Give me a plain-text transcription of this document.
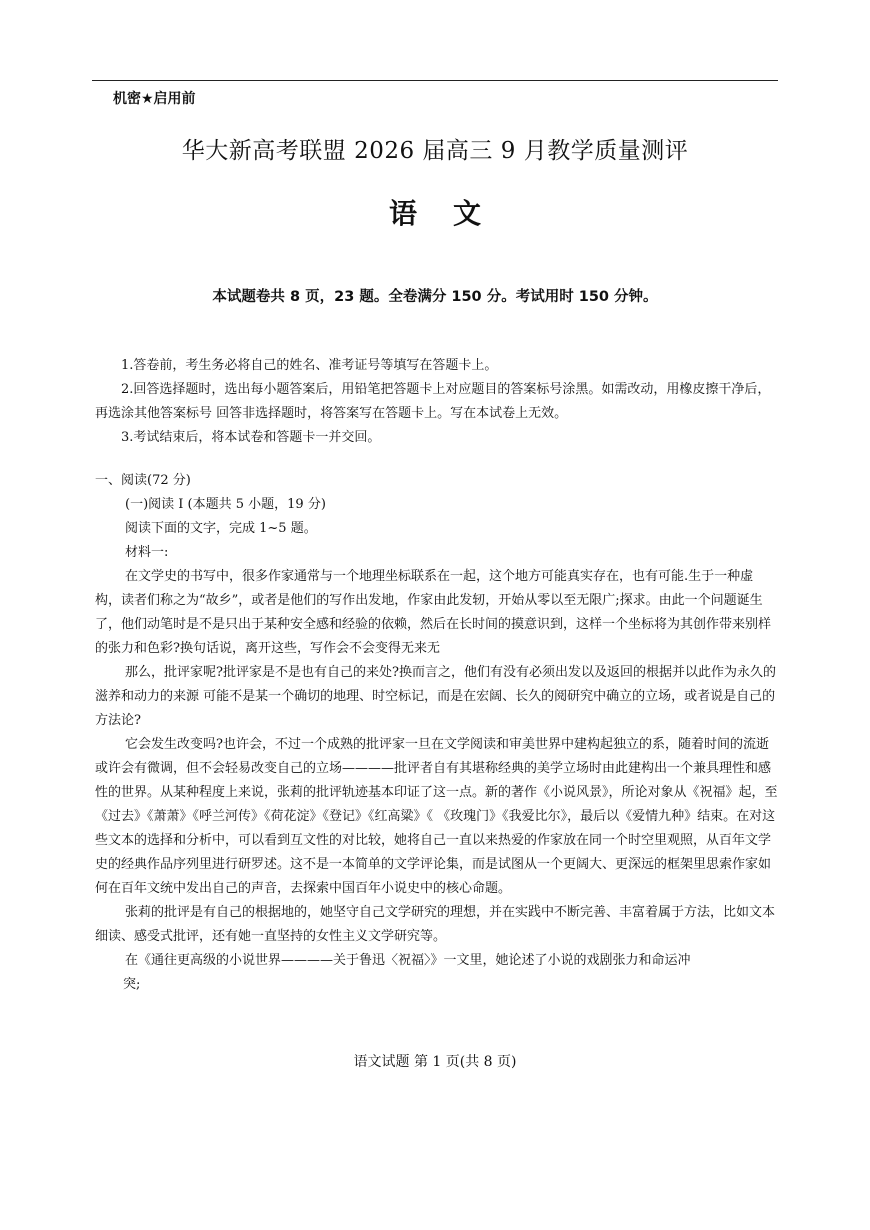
机密★启用前
华大新高考联盟 2026 届高三 9 月教学质量测评
语文
本试题卷共 8 页，23 题。全卷满分 150 分。考试用时 150 分钟。

1.答卷前，考生务必将自己的姓名、准考证号等填写在答题卡上。

2.回答选择题时，选出每小题答案后，用铅笔把答题卡上对应题目的答案标号涂黑。如需改动，用橡皮擦干净后，再选涂其他答案标号 回答非选择题时，将答案写在答题卡上。写在本试卷上无效。

3.考试结束后，将本试卷和答题卡一并交回。

一、阅读(72 分)

(一)阅读 I (本题共 5 小题，19 分)

阅读下面的文字，完成 1~5 题。

材料一:

在文学史的书写中，很多作家通常与一个地理坐标联系在一起，这个地方可能真实存在，也有可能.生于一种虚构，读者们称之为“故乡”，或者是他们的写作出发地，作家由此发轫，开始从零以至无限广;探求。由此一个问题诞生了，他们动笔时是不是只出于某种安全感和经验的依赖，然后在长时间的摸意识到，这样一个坐标将为其创作带来别样的张力和色彩?换句话说，离开这些，写作会不会变得无来无

那么，批评家呢?批评家是不是也有自己的来处?换而言之，他们有没有必须出发以及返回的根据并以此作为永久的滋养和动力的来源 可能不是某一个确切的地理、时空标记，而是在宏阔、长久的阅研究中确立的立场，或者说是自己的方法论?

它会发生改变吗?也许会，不过一个成熟的批评家一旦在文学阅读和审美世界中建构起独立的系，随着时间的流逝或许会有微调，但不会轻易改变自己的立场————批评者自有其堪称经典的美学立场时由此建构出一个兼具理性和感性的世界。从某种程度上来说，张莉的批评轨迹基本印证了这一点。新的著作《小说风景》，所论对象从《祝福》起，至《过去》《萧萧》《呼兰河传》《荷花淀》《登记》《红高粱》《 《玫瑰门》《我爱比尔》，最后以《爱情九种》结束。在对这些文本的选择和分析中，可以看到互文性的对比较，她将自己一直以来热爱的作家放在同一个时空里观照，从百年文学史的经典作品序列里进行研罗述。这不是一本简单的文学评论集，而是试图从一个更阔大、更深远的框架里思索作家如何在百年文统中发出自己的声音，去探索中国百年小说史中的核心命题。

张莉的批评是有自己的根据地的，她坚守自己文学研究的理想，并在实践中不断完善、丰富着属于方法，比如文本细读、感受式批评，还有她一直坚持的女性主义文学研究等。

在《通往更高级的小说世界————关于鲁迅〈祝福〉》一文里，她论述了小说的戏剧张力和命运冲

突;

语文试题 第 1 页(共 8 页)
